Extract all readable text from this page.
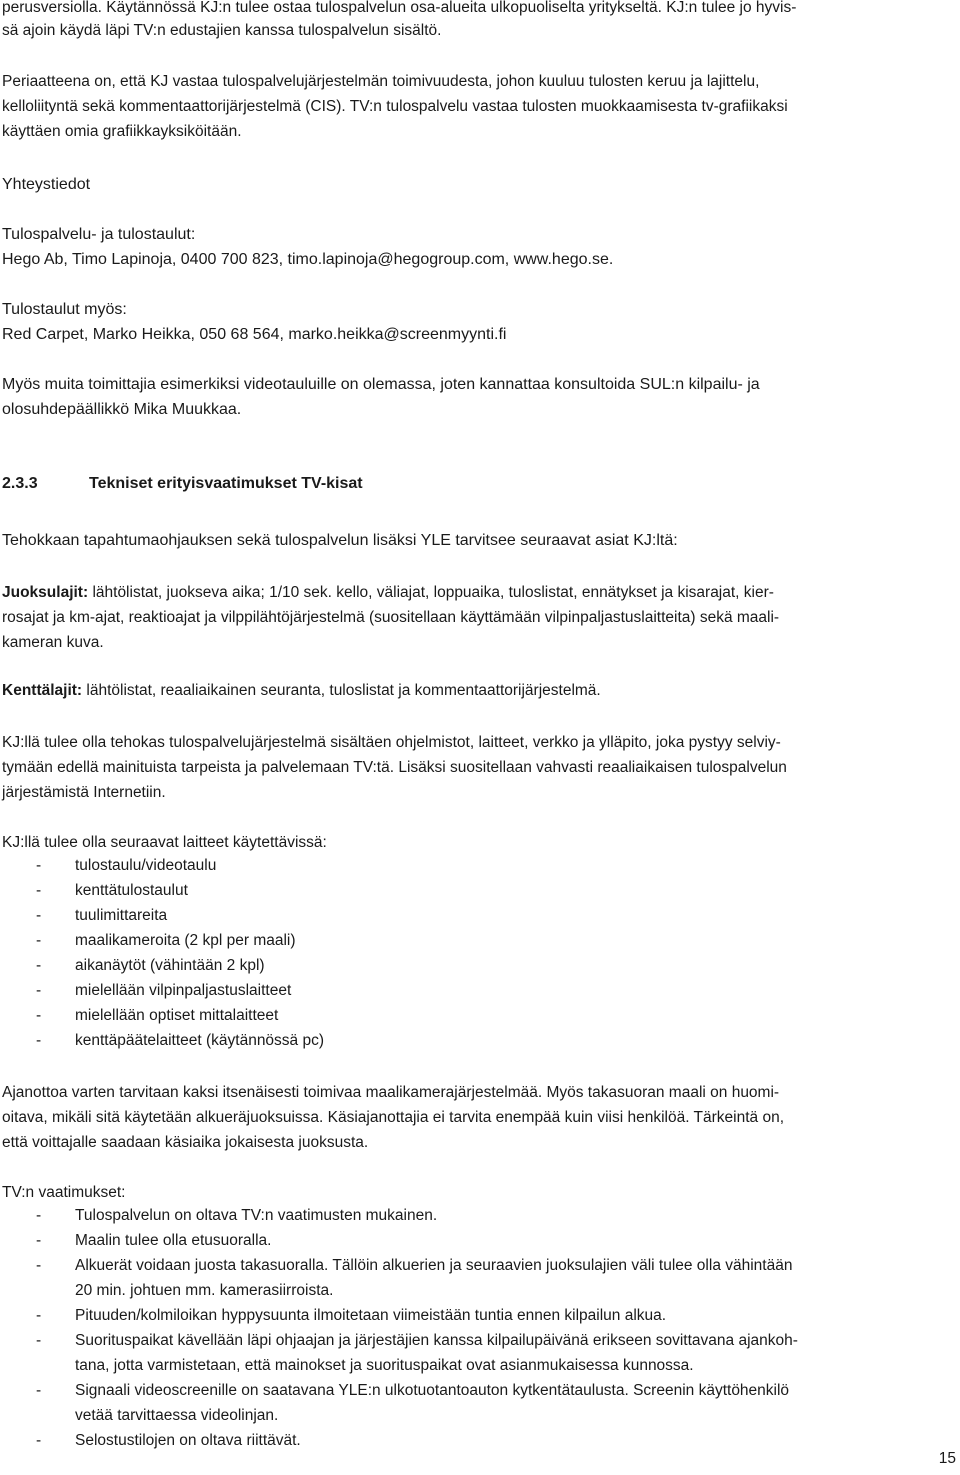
perusversiolla. Käytännössä KJ:n tulee ostaa tulospalvelun osa-alueita ulkopuoliselta yritykseltä. KJ:n tulee jo hyvis-

sä ajoin käydä läpi TV:n edustajien kanssa tulospalvelun sisältö.

Periaatteena on, että KJ vastaa tulospalvelujärjestelmän toimivuudesta, johon kuuluu tulosten keruu ja lajittelu,

kelloliityntä sekä kommentaattorijärjestelmä (CIS). TV:n tulospalvelu vastaa tulosten muokkaamisesta tv-grafiikaksi

käyttäen omia grafiikkayksiköitään.

Yhteystiedot

Tulospalvelu- ja tulostaulut:

Hego Ab, Timo Lapinoja, 0400 700 823, timo.lapinoja@hegogroup.com, www.hego.se.

Tulostaulut myös:

Red Carpet, Marko Heikka, 050 68 564, marko.heikka@screenmyynti.fi

Myös muita toimittajia esimerkiksi videotauluille on olemassa, joten kannattaa konsultoida SUL:n kilpailu- ja

olosuhdepäällikkö Mika Muukkaa.

2.3.3	Tekniset erityisvaatimukset TV-kisat

Tehokkaan tapahtumaohjauksen sekä tulospalvelun lisäksi YLE tarvitsee seuraavat asiat KJ:ltä:

Juoksulajit: lähtölistat, juokseva aika; 1/10 sek. kello, väliajat, loppuaika, tuloslistat, ennätykset ja kisarajat, kier-

rosajat ja km-ajat, reaktioajat ja vilppilähtöjärjestelmä (suositellaan käyttämään vilpinpaljastuslaitteita) sekä maali-

kameran kuva.

Kenttälajit: lähtölistat, reaaliaikainen seuranta, tuloslistat ja kommentaattorijärjestelmä.

KJ:llä tulee olla tehokas tulospalvelujärjestelmä sisältäen ohjelmistot, laitteet, verkko ja ylläpito, joka pystyy selviy-

tymään edellä mainituista tarpeista ja palvelemaan TV:tä. Lisäksi suositellaan vahvasti reaaliaikaisen tulospalvelun

järjestämistä Internetiin.

KJ:llä tulee olla seuraavat laitteet käytettävissä:

- tulostaulu/videotaulu

- kenttätulostaulut

- tuulimittareita

- maalikameroita (2 kpl per maali)

- aikanäytöt (vähintään 2 kpl)

- mielellään vilpinpaljastuslaitteet

- mielellään optiset mittalaitteet

- kenttäpäätelaitteet (käytännössä pc)

Ajanottoa varten tarvitaan kaksi itsenäisesti toimivaa maalikamerajärjestelmää. Myös takasuoran maali on huomi-

oitava, mikäli sitä käytetään alkueräjuoksuissa. Käsiajanottajia ei tarvita enempää kuin viisi henkilöä. Tärkeintä on,

että voittajalle saadaan käsiaika jokaisesta juoksusta.

TV:n vaatimukset:

- Tulospalvelun on oltava TV:n vaatimusten mukainen.

- Maalin tulee olla etusuoralla.

- Alkuerät voidaan juosta takasuoralla. Tällöin alkuerien ja seuraavien juoksulajien väli tulee olla vähintään

20 min. johtuen mm. kamerasiirroista.

- Pituuden/kolmiloikan hyppysuunta ilmoitetaan viimeistään tuntia ennen kilpailun alkua.

- Suorituspaikat kävellään läpi ohjaajan ja järjestäjien kanssa kilpailupäivänä erikseen sovittavana ajankoh-

tana, jotta varmistetaan, että mainokset ja suorituspaikat ovat asianmukaisessa kunnossa.

- Signaali videoscreenille on saatavana YLE:n ulkotuotantoauton kytkentätaulusta. Screenin käyttöhenkilö

vetää tarvittaessa videolinjan.

- Selostustilojen on oltava riittävät.

15
